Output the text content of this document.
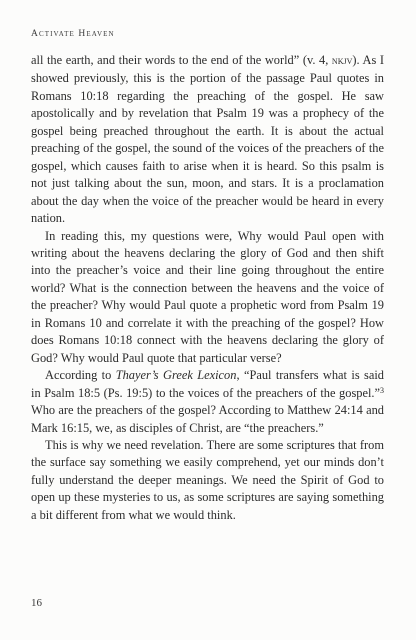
Activate Heaven

all the earth, and their words to the end of the world” (v. 4, nkjv). As I showed previously, this is the portion of the passage Paul quotes in Romans 10:18 regarding the preaching of the gospel. He saw apostolically and by revelation that Psalm 19 was a prophecy of the gospel being preached throughout the earth. It is about the actual preaching of the gospel, the sound of the voices of the preachers of the gospel, which causes faith to arise when it is heard. So this psalm is not just talking about the sun, moon, and stars. It is a proclamation about the day when the voice of the preacher would be heard in every nation.

In reading this, my questions were, Why would Paul open with writing about the heavens declaring the glory of God and then shift into the preacher’s voice and their line going throughout the entire world? What is the connection between the heavens and the voice of the preacher? Why would Paul quote a prophetic word from Psalm 19 in Romans 10 and correlate it with the preaching of the gospel? How does Romans 10:18 connect with the heavens declaring the glory of God? Why would Paul quote that particular verse?

According to Thayer’s Greek Lexicon, “Paul transfers what is said in Psalm 18:5 (Ps. 19:5) to the voices of the preachers of the gospel.”$^3$ Who are the preachers of the gospel? According to Matthew 24:14 and Mark 16:15, we, as disciples of Christ, are “the preachers.”

This is why we need revelation. There are some scriptures that from the surface say something we easily comprehend, yet our minds don’t fully understand the deeper meanings. We need the Spirit of God to open up these mysteries to us, as some scriptures are saying something a bit different from what we would think.

16
